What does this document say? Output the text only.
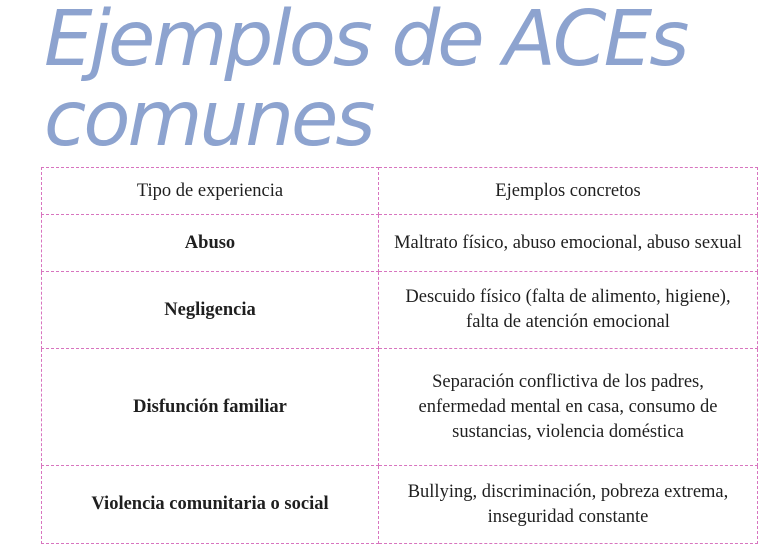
Ejemplos de ACEs
comunes
Tipo de experiencia	Ejemplos concretos
Abuso	Maltrato físico, abuso emocional, abuso sexual
Negligencia	Descuido físico (falta de alimento, higiene), falta de atención emocional
Disfunción familiar	Separación conflictiva de los padres, enfermedad mental en casa, consumo de sustancias, violencia doméstica
Violencia comunitaria o social	Bullying, discriminación, pobreza extrema, inseguridad constante
